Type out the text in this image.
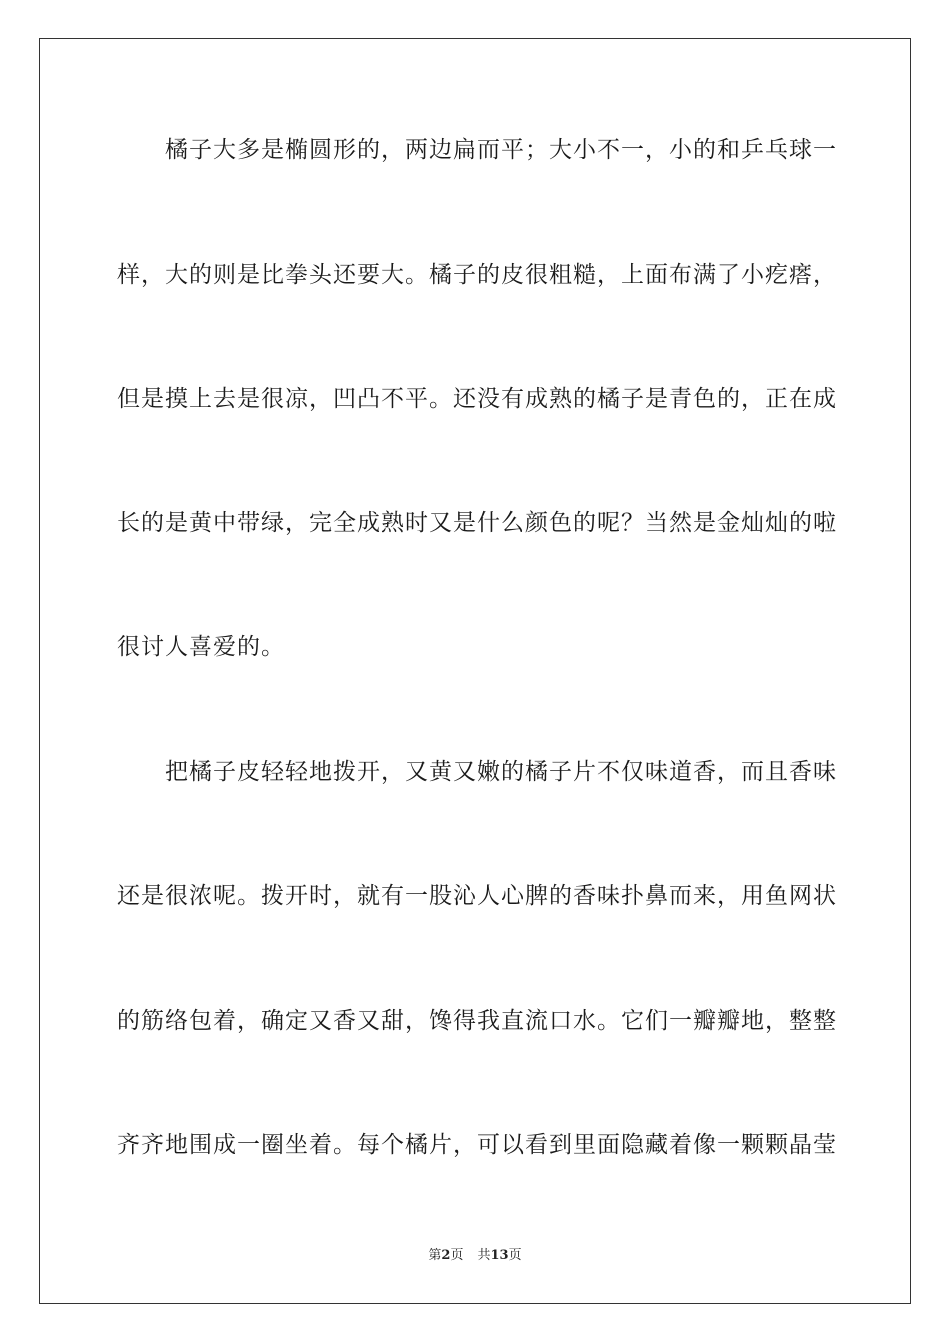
橘子大多是椭圆形的，两边扁而平；大小不一，小的和乒乓球一
样，大的则是比拳头还要大。橘子的皮很粗糙，上面布满了小疙瘩，
但是摸上去是很凉，凹凸不平。还没有成熟的橘子是青色的，正在成
长的是黄中带绿，完全成熟时又是什么颜色的呢？当然是金灿灿的啦
很讨人喜爱的。
把橘子皮轻轻地拨开，又黄又嫩的橘子片不仅味道香，而且香味
还是很浓呢。拨开时，就有一股沁人心脾的香味扑鼻而来，用鱼网状
的筋络包着，确定又香又甜，馋得我直流口水。它们一瓣瓣地，整整
齐齐地围成一圈坐着。每个橘片，可以看到里面隐藏着像一颗颗晶莹
第2页 共13页
